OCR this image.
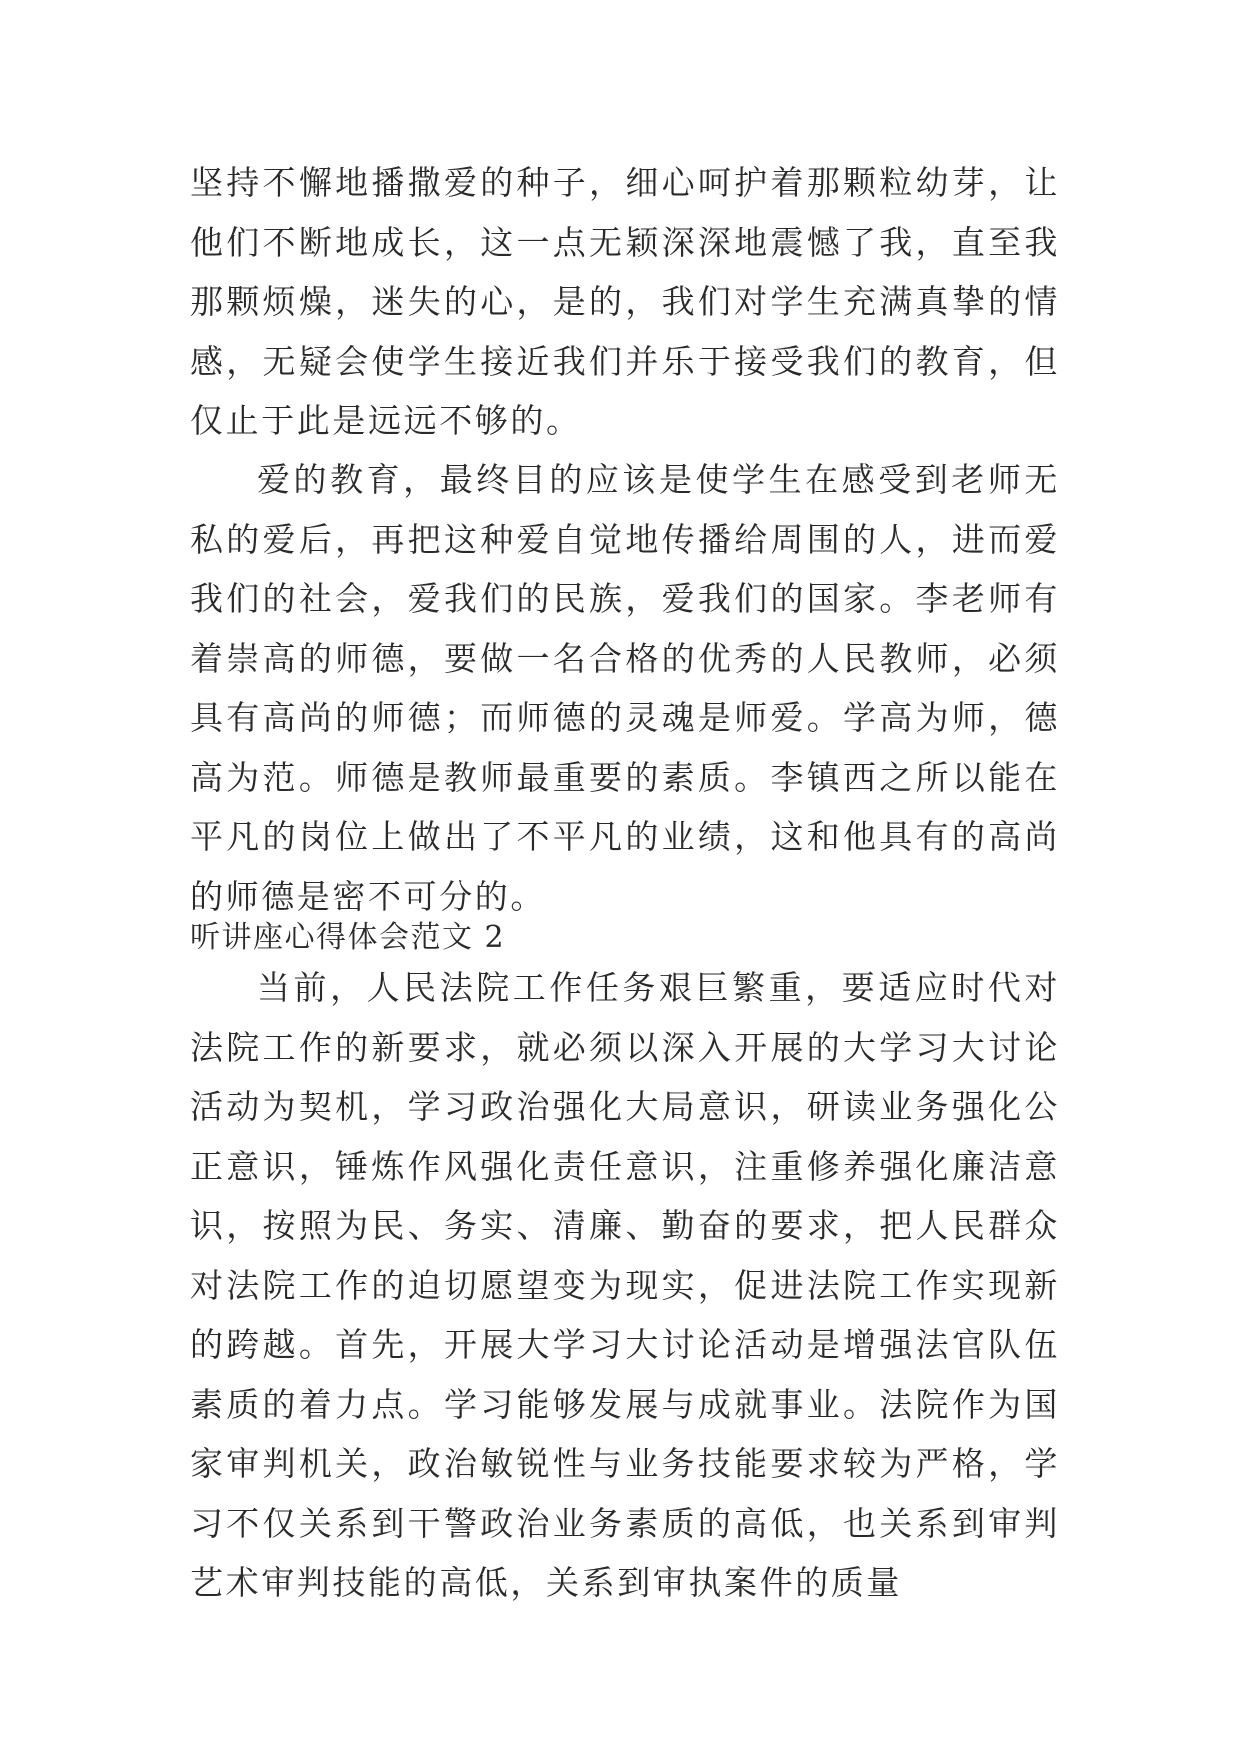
坚持不懈地播撒爱的种子，细心呵护着那颗粒幼芽，让他们不断地成长，这一点无颖深深地震憾了我，直至我那颗烦燥，迷失的心，是的，我们对学生充满真挚的情感，无疑会使学生接近我们并乐于接受我们的教育，但仅止于此是远远不够的。

爱的教育，最终目的应该是使学生在感受到老师无私的爱后，再把这种爱自觉地传播给周围的人，进而爱我们的社会，爱我们的民族，爱我们的国家。李老师有着崇高的师德，要做一名合格的优秀的人民教师，必须具有高尚的师德；而师德的灵魂是师爱。学高为师，德高为范。师德是教师最重要的素质。李镇西之所以能在平凡的岗位上做出了不平凡的业绩，这和他具有的高尚的师德是密不可分的。

听讲座心得体会范文 2

当前，人民法院工作任务艰巨繁重，要适应时代对法院工作的新要求，就必须以深入开展的大学习大讨论活动为契机，学习政治强化大局意识，研读业务强化公正意识，锤炼作风强化责任意识，注重修养强化廉洁意识，按照为民、务实、清廉、勤奋的要求，把人民群众对法院工作的迫切愿望变为现实，促进法院工作实现新的跨越。首先，开展大学习大讨论活动是增强法官队伍素质的着力点。学习能够发展与成就事业。法院作为国家审判机关，政治敏锐性与业务技能要求较为严格，学习不仅关系到干警政治业务素质的高低，也关系到审判艺术审判技能的高低，关系到审执案件的质量
